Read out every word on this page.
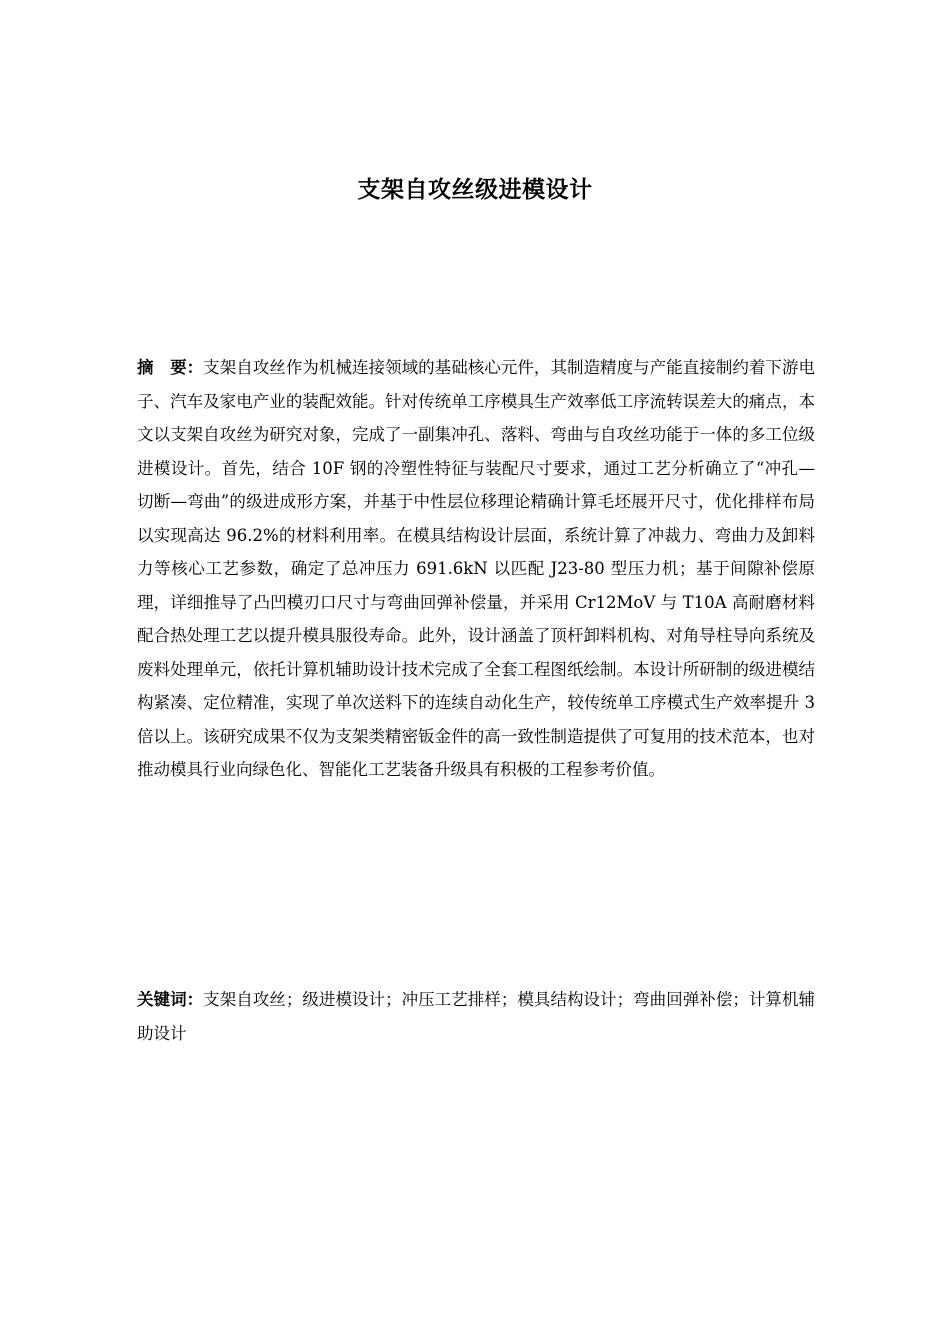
支架自攻丝级进模设计
摘　要：支架自攻丝作为机械连接领域的基础核心元件，其制造精度与产能直接制约着下游电子、汽车及家电产业的装配效能。针对传统单工序模具生产效率低工序流转误差大的痛点，本文以支架自攻丝为研究对象，完成了一副集冲孔、落料、弯曲与自攻丝功能于一体的多工位级进模设计。首先，结合 10F 钢的冷塑性特征与装配尺寸要求，通过工艺分析确立了“冲孔—切断—弯曲”的级进成形方案，并基于中性层位移理论精确计算毛坯展开尺寸，优化排样布局以实现高达 96.2%的材料利用率。在模具结构设计层面，系统计算了冲裁力、弯曲力及卸料力等核心工艺参数，确定了总冲压力 691.6kN 以匹配 J23-80 型压力机；基于间隙补偿原理，详细推导了凸凹模刃口尺寸与弯曲回弹补偿量，并采用 Cr12MoV 与 T10A 高耐磨材料配合热处理工艺以提升模具服役寿命。此外，设计涵盖了顶杆卸料机构、对角导柱导向系统及废料处理单元，依托计算机辅助设计技术完成了全套工程图纸绘制。本设计所研制的级进模结构紧凑、定位精准，实现了单次送料下的连续自动化生产，较传统单工序模式生产效率提升 3 倍以上。该研究成果不仅为支架类精密钣金件的高一致性制造提供了可复用的技术范本，也对推动模具行业向绿色化、智能化工艺装备升级具有积极的工程参考价值。
关键词：支架自攻丝；级进模设计；冲压工艺排样；模具结构设计；弯曲回弹补偿；计算机辅助设计
